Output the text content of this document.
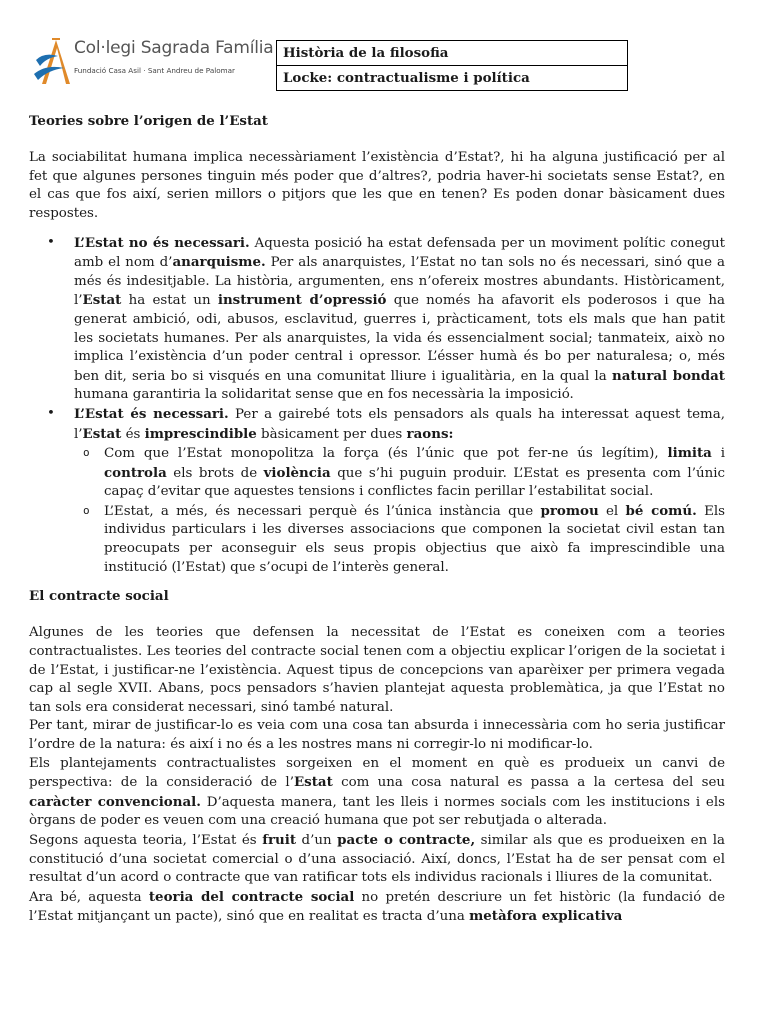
Col·legi Sagrada Família
Fundació Casa Asil · Sant Andreu de Palomar
Història de la filosofia
Locke: contractualisme i política

Teories sobre l’origen de l’Estat

La sociabilitat humana implica necessàriament l’existència d’Estat?, hi ha alguna justificació per al fet que algunes persones tinguin més poder que d’altres?, podria haver-hi societats sense Estat?, en el cas que fos així, serien millors o pitjors que les que en tenen? Es poden donar bàsicament dues respostes.

• L’Estat no és necessari. Aquesta posició ha estat defensada per un moviment polític conegut amb el nom d’anarquisme. Per als anarquistes, l’Estat no tan sols no és necessari, sinó que a més és indesitjable. La història, argumenten, ens n’ofereix mostres abundants. Històricament, l’Estat ha estat un instrument d’opressió que només ha afavorit els poderosos i que ha generat ambició, odi, abusos, esclavitud, guerres i, pràcticament, tots els mals que han patit les societats humanes. Per als anarquistes, la vida és essencialment social; tanmateix, això no implica l’existència d’un poder central i opressor. L’ésser humà és bo per naturalesa; o, més ben dit, seria bo si visqués en una comunitat lliure i igualitària, en la qual la natural bondat humana garantiria la solidaritat sense que en fos necessària la imposició.
• L’Estat és necessari. Per a gairebé tots els pensadors als quals ha interessat aquest tema, l’Estat és imprescindible bàsicament per dues raons:
o Com que l’Estat monopolitza la força (és l’únic que pot fer-ne ús legítim), limita i controla els brots de violència que s’hi puguin produir. L’Estat es presenta com l’únic capaç d’evitar que aquestes tensions i conflictes facin perillar l’estabilitat social.
o L’Estat, a més, és necessari perquè és l’única instància que promou el bé comú. Els individus particulars i les diverses associacions que componen la societat civil estan tan preocupats per aconseguir els seus propis objectius que això fa imprescindible una institució (l’Estat) que s’ocupi de l’interès general.

El contracte social

Algunes de les teories que defensen la necessitat de l’Estat es coneixen com a teories contractualistes. Les teories del contracte social tenen com a objectiu explicar l’origen de la societat i de l’Estat, i justificar-ne l’existència. Aquest tipus de concepcions van aparèixer per primera vegada cap al segle XVII. Abans, pocs pensadors s’havien plantejat aquesta problemàtica, ja que l’Estat no tan sols era considerat necessari, sinó també natural.

Per tant, mirar de justificar-lo es veia com una cosa tan absurda i innecessària com ho seria justificar l’ordre de la natura: és així i no és a les nostres mans ni corregir-lo ni modificar-lo.

Els plantejaments contractualistes sorgeixen en el moment en què es produeix un canvi de perspectiva: de la consideració de l’Estat com una cosa natural es passa a la certesa del seu caràcter convencional. D’aquesta manera, tant les lleis i normes socials com les institucions i els òrgans de poder es veuen com una creació humana que pot ser rebutjada o alterada.

Segons aquesta teoria, l’Estat és fruit d’un pacte o contracte, similar als que es produeixen en la constitució d’una societat comercial o d’una associació. Així, doncs, l’Estat ha de ser pensat com el resultat d’un acord o contracte que van ratificar tots els individus racionals i lliures de la comunitat.

Ara bé, aquesta teoria del contracte social no pretén descriure un fet històric (la fundació de l’Estat mitjançant un pacte), sinó que en realitat es tracta d’una metàfora explicativa
